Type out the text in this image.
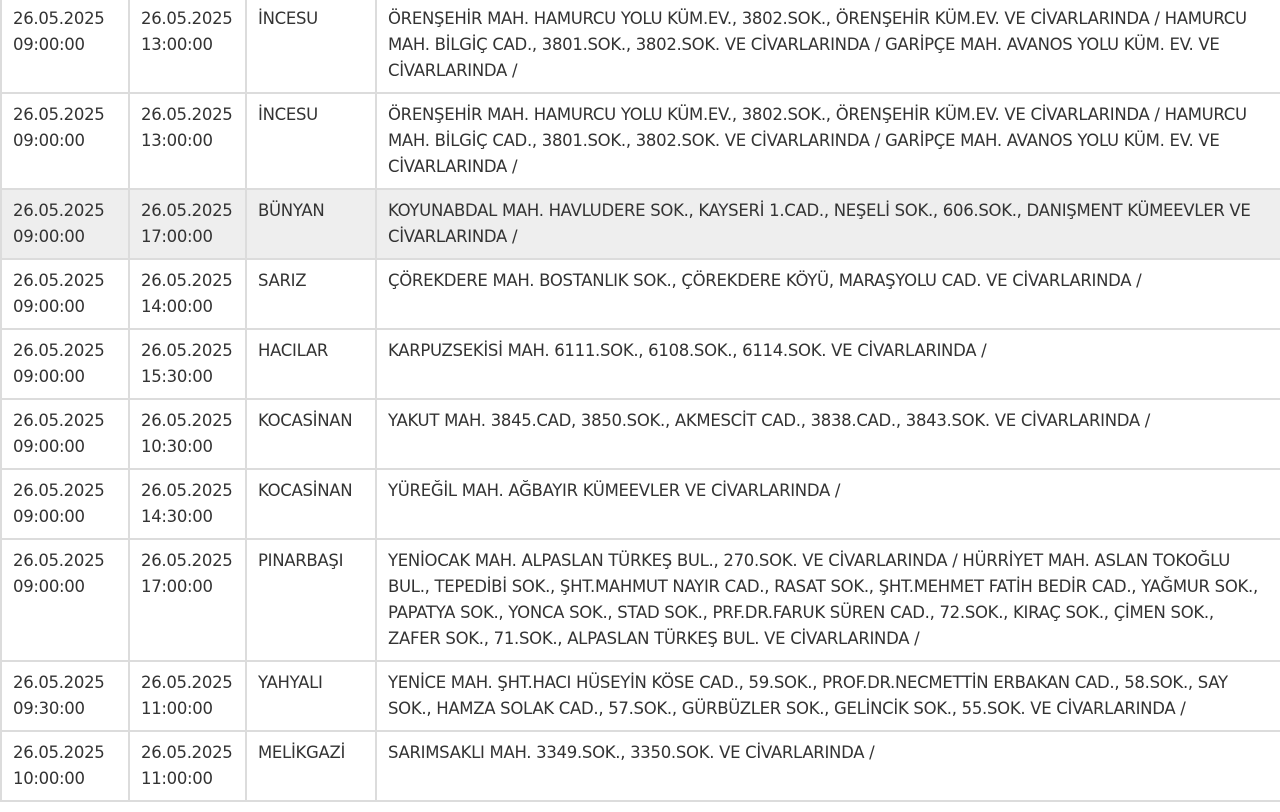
26.05.2025
09:00:00	26.05.2025
13:00:00	İNCESU	ÖRENŞEHİR MAH. HAMURCU YOLU KÜM.EV., 3802.SOK., ÖRENŞEHİR KÜM.EV. VE CİVARLARINDA / HAMURCU MAH. BİLGİÇ CAD., 3801.SOK., 3802.SOK. VE CİVARLARINDA / GARİPÇE MAH. AVANOS YOLU KÜM. EV. VE CİVARLARINDA /
26.05.2025
09:00:00	26.05.2025
13:00:00	İNCESU	ÖRENŞEHİR MAH. HAMURCU YOLU KÜM.EV., 3802.SOK., ÖRENŞEHİR KÜM.EV. VE CİVARLARINDA / HAMURCU MAH. BİLGİÇ CAD., 3801.SOK., 3802.SOK. VE CİVARLARINDA / GARİPÇE MAH. AVANOS YOLU KÜM. EV. VE CİVARLARINDA /
26.05.2025
09:00:00	26.05.2025
17:00:00	BÜNYAN	KOYUNABDAL MAH. HAVLUDERE SOK., KAYSERİ 1.CAD., NEŞELİ SOK., 606.SOK., DANIŞMENT KÜMEEVLER VE CİVARLARINDA /
26.05.2025
09:00:00	26.05.2025
14:00:00	SARIZ	ÇÖREKDERE MAH. BOSTANLIK SOK., ÇÖREKDERE KÖYÜ, MARAŞYOLU CAD. VE CİVARLARINDA /
26.05.2025
09:00:00	26.05.2025
15:30:00	HACILAR	KARPUZSEKİSİ MAH. 6111.SOK., 6108.SOK., 6114.SOK. VE CİVARLARINDA /
26.05.2025
09:00:00	26.05.2025
10:30:00	KOCASİNAN	YAKUT MAH. 3845.CAD, 3850.SOK., AKMESCİT CAD., 3838.CAD., 3843.SOK. VE CİVARLARINDA /
26.05.2025
09:00:00	26.05.2025
14:30:00	KOCASİNAN	YÜREĞİL MAH. AĞBAYIR KÜMEEVLER VE CİVARLARINDA /
26.05.2025
09:00:00	26.05.2025
17:00:00	PINARBAŞI	YENİOCAK MAH. ALPASLAN TÜRKEŞ BUL., 270.SOK. VE CİVARLARINDA / HÜRRİYET MAH. ASLAN TOKOĞLU BUL., TEPEDİBİ SOK., ŞHT.MAHMUT NAYIR CAD., RASAT SOK., ŞHT.MEHMET FATİH BEDİR CAD., YAĞMUR SOK., PAPATYA SOK., YONCA SOK., STAD SOK., PRF.DR.FARUK SÜREN CAD., 72.SOK., KIRAÇ SOK., ÇİMEN SOK., ZAFER SOK., 71.SOK., ALPASLAN TÜRKEŞ BUL. VE CİVARLARINDA /
26.05.2025
09:30:00	26.05.2025
11:00:00	YAHYALI	YENİCE MAH. ŞHT.HACI HÜSEYİN KÖSE CAD., 59.SOK., PROF.DR.NECMETTİN ERBAKAN CAD., 58.SOK., SAY SOK., HAMZA SOLAK CAD., 57.SOK., GÜRBÜZLER SOK., GELİNCİK SOK., 55.SOK. VE CİVARLARINDA /
26.05.2025
10:00:00	26.05.2025
11:00:00	MELİKGAZİ	SARIMSAKLI MAH. 3349.SOK., 3350.SOK. VE CİVARLARINDA /
